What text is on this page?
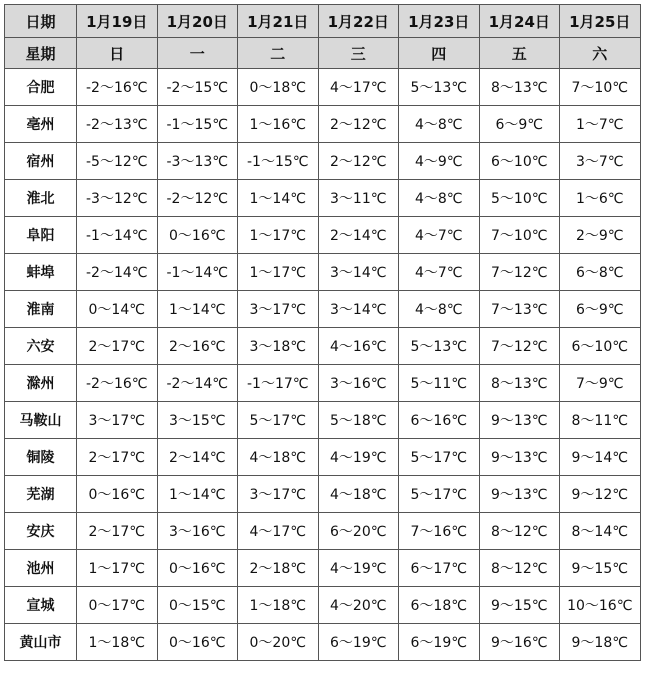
日期	1月19日	1月20日	1月21日	1月22日	1月23日	1月24日	1月25日
星期	日	一	二	三	四	五	六
合肥	-2～16℃	-2～15℃	0～18℃	4～17℃	5～13℃	8～13℃	7～10℃
亳州	-2～13℃	-1～15℃	1～16℃	2～12℃	4～8℃	6～9℃	1～7℃
宿州	-5～12℃	-3～13℃	-1～15℃	2～12℃	4～9℃	6～10℃	3～7℃
淮北	-3～12℃	-2～12℃	1～14℃	3～11℃	4～8℃	5～10℃	1～6℃
阜阳	-1～14℃	0～16℃	1～17℃	2～14℃	4～7℃	7～10℃	2～9℃
蚌埠	-2～14℃	-1～14℃	1～17℃	3～14℃	4～7℃	7～12℃	6～8℃
淮南	0～14℃	1～14℃	3～17℃	3～14℃	4～8℃	7～13℃	6～9℃
六安	2～17℃	2～16℃	3～18℃	4～16℃	5～13℃	7～12℃	6～10℃
滁州	-2～16℃	-2～14℃	-1～17℃	3～16℃	5～11℃	8～13℃	7～9℃
马鞍山	3～17℃	3～15℃	5～17℃	5～18℃	6～16℃	9～13℃	8～11℃
铜陵	2～17℃	2～14℃	4～18℃	4～19℃	5～17℃	9～13℃	9～14℃
芜湖	0～16℃	1～14℃	3～17℃	4～18℃	5～17℃	9～13℃	9～12℃
安庆	2～17℃	3～16℃	4～17℃	6～20℃	7～16℃	8～12℃	8～14℃
池州	1～17℃	0～16℃	2～18℃	4～19℃	6～17℃	8～12℃	9～15℃
宣城	0～17℃	0～15℃	1～18℃	4～20℃	6～18℃	9～15℃	10～16℃
黄山市	1～18℃	0～16℃	0～20℃	6～19℃	6～19℃	9～16℃	9～18℃
